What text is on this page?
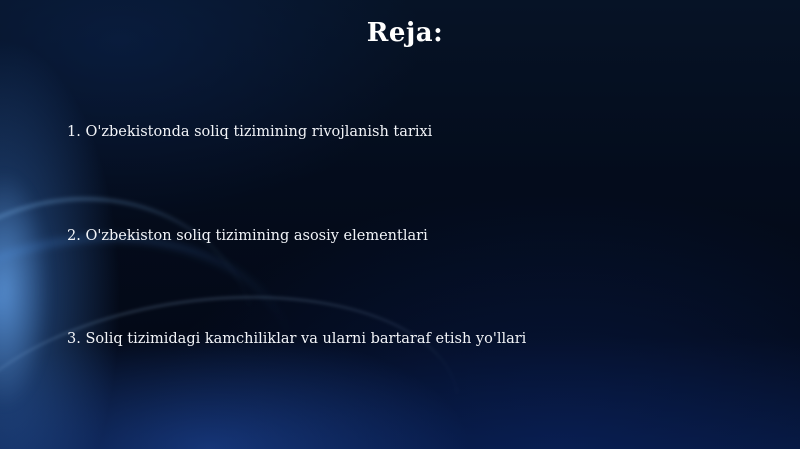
Reja:
1. O'zbekistonda soliq tizimining rivojlanish tarixi
2. O'zbekiston soliq tizimining asosiy elementlari
3. Soliq tizimidagi kamchiliklar va ularni bartaraf etish yo'llari
